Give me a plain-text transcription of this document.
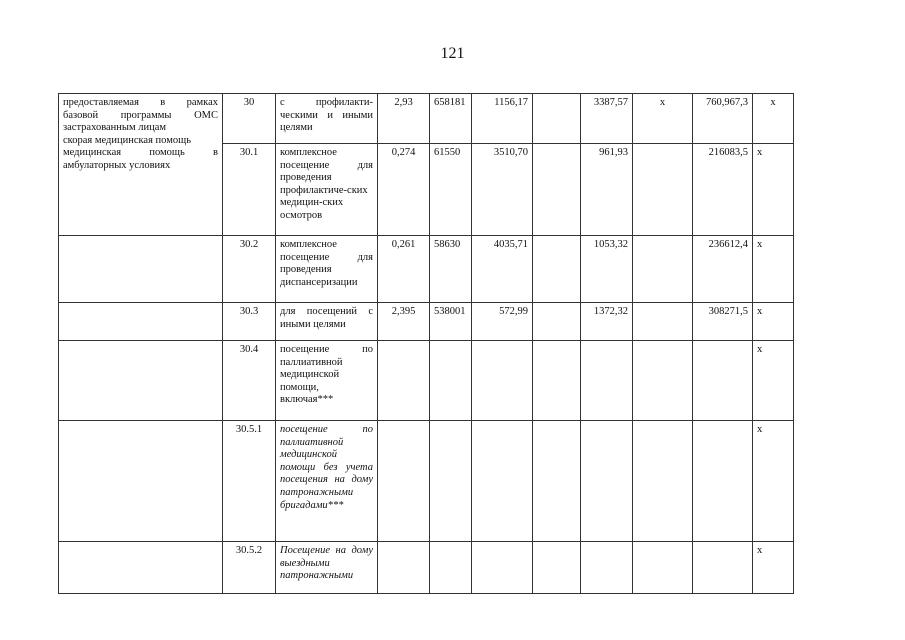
121
предоставляемая в рамках базовой программы ОМС застрахованным лицам
скорая медицинская помощь
медицинская помощь в амбулаторных условиях	30	с профилакти-ческими и иными целями	2,93	658181	1156,17		3387,57	х	760,967,3	х
	30.1	комплексное посещение для проведения профилактиче-ских медицин-ских осмотров	0,274	61550	3510,70		961,93		216083,5	х
	30.2	комплексное посещение для проведения диспансеризации	0,261	58630	4035,71		1053,32		236612,4	х
	30.3	для посещений с иными целями	2,395	538001	572,99		1372,32		308271,5	х
	30.4	посещение по паллиативной медицинской помощи, включая***								х
	30.5.1	посещение по паллиативной медицинской помощи без учета посещения на дому патронажными бригадами***								х
	30.5.2	Посещение на дому выездными патронажными								х
